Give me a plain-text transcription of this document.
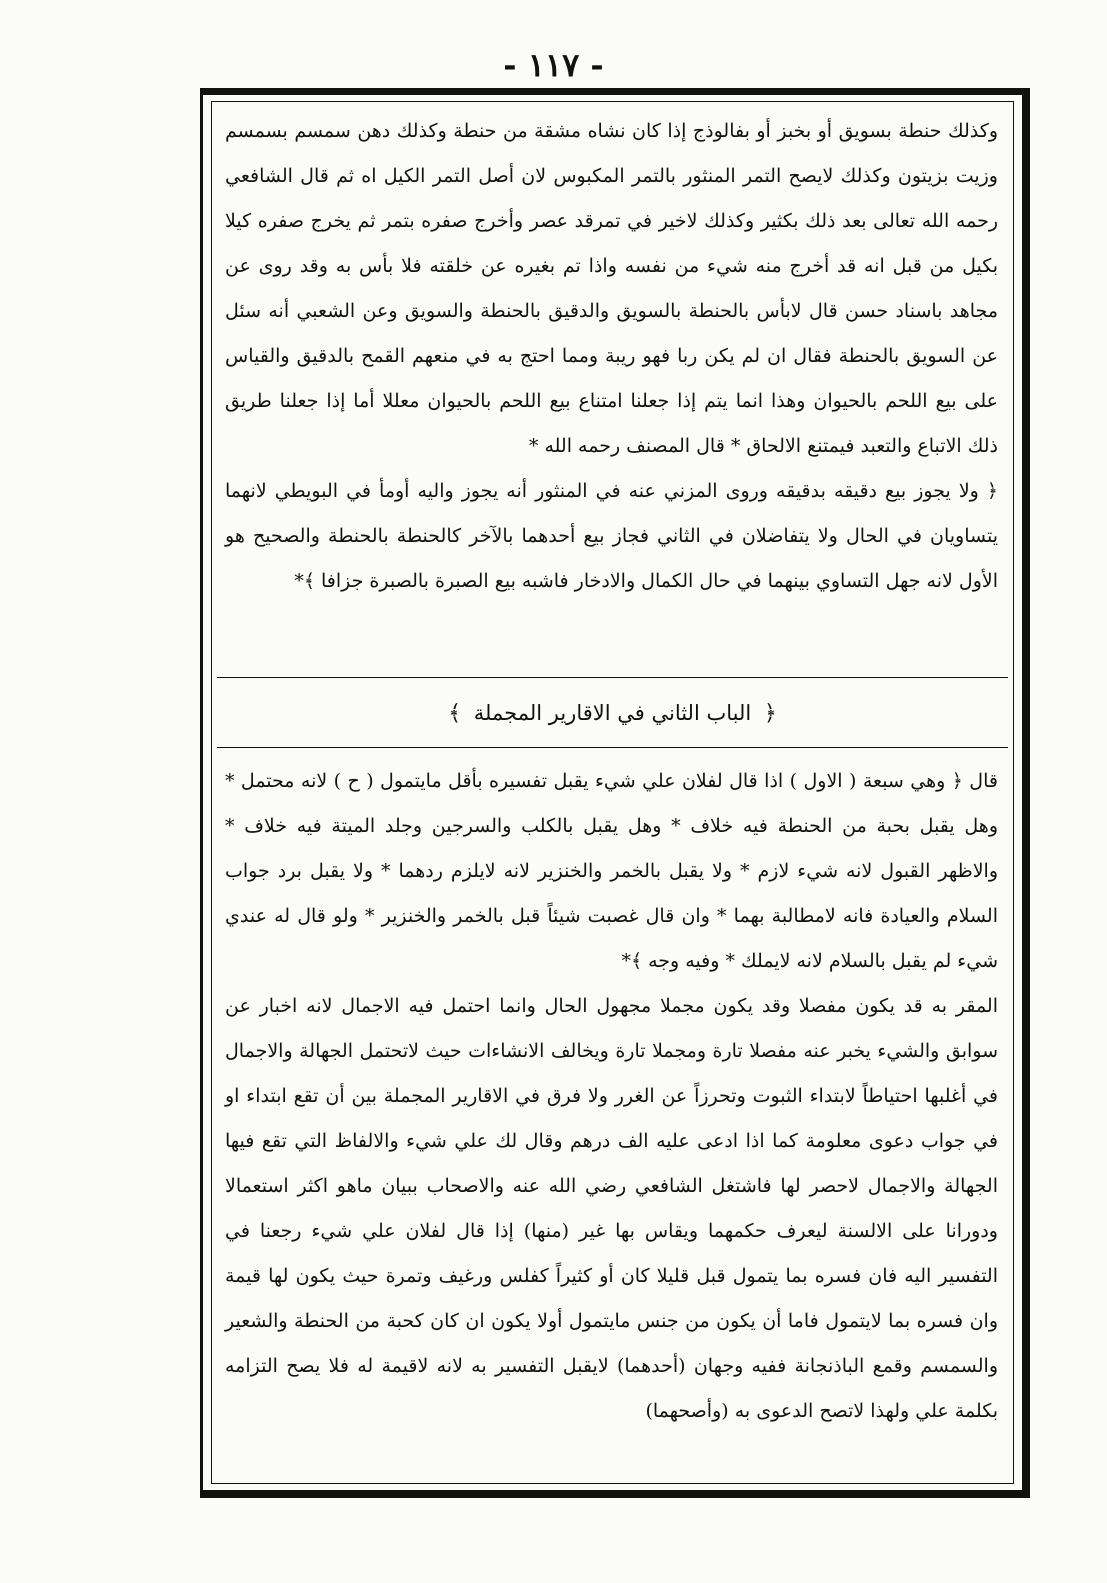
- ١١٧ -

وكذلك حنطة بسويق أو بخبز أو بفالوذج إذا كان نشاه مشقة من حنطة وكذلك دهن سمسم بسمسم وزيت بزيتون وكذلك لايصح التمر المنثور بالتمر المكبوس لان أصل التمر الكيل اه ثم قال الشافعي رحمه الله تعالى بعد ذلك بكثير وكذلك لاخير في تمرقد عصر وأخرج صفره بتمر ثم يخرج صفره كيلا بكيل من قبل انه قد أخرج منه شيء من نفسه واذا تم بغيره عن خلقته فلا بأس به وقد روى عن مجاهد باسناد حسن قال لابأس بالحنطة بالسويق والدقيق بالحنطة والسويق وعن الشعبي أنه سئل عن السويق بالحنطة فقال ان لم يكن ربا فهو ريبة ومما احتج به في منعهم القمح بالدقيق والقياس على بيع اللحم بالحيوان وهذا انما يتم إذا جعلنا امتناع بيع اللحم بالحيوان معللا أما إذا جعلنا طريق ذلك الاتباع والتعبد فيمتنع الالحاق * قال المصنف رحمه الله *

﴿ ولا يجوز بيع دقيقه بدقيقه وروى المزني عنه في المنثور أنه يجوز واليه أومأ في البويطي لانهما يتساويان في الحال ولا يتفاضلان في الثاني فجاز بيع أحدهما بالآخر كالحنطة بالحنطة والصحيح هو الأول لانه جهل التساوي بينهما في حال الكمال والادخار فاشبه بيع الصبرة بالصبرة جزافا ﴾*

﴿ الباب الثاني في الاقارير المجملة ﴾

قال ﴿ وهي سبعة ( الاول ) اذا قال لفلان علي شيء يقبل تفسيره بأقل مايتمول ( ح ) لانه محتمل * وهل يقبل بحبة من الحنطة فيه خلاف * وهل يقبل بالكلب والسرجين وجلد الميتة فيه خلاف * والاظهر القبول لانه شيء لازم * ولا يقبل بالخمر والخنزير لانه لايلزم ردهما * ولا يقبل برد جواب السلام والعيادة فانه لامطالبة بهما * وان قال غصبت شيئاً قبل بالخمر والخنزير * ولو قال له عندي شيء لم يقبل بالسلام لانه لايملك * وفيه وجه ﴾*

المقر به قد يكون مفصلا وقد يكون مجملا مجهول الحال وانما احتمل فيه الاجمال لانه اخبار عن سوابق والشيء يخبر عنه مفصلا تارة ومجملا تارة ويخالف الانشاءات حيث لاتحتمل الجهالة والاجمال في أغلبها احتياطاً لابتداء الثبوت وتحرزاً عن الغرر ولا فرق في الاقارير المجملة بين أن تقع ابتداء او في جواب دعوى معلومة كما اذا ادعى عليه الف درهم وقال لك علي شيء والالفاظ التي تقع فيها الجهالة والاجمال لاحصر لها فاشتغل الشافعي رضي الله عنه والاصحاب ببيان ماهو اكثر استعمالا ودورانا على الالسنة ليعرف حكمهما ويقاس بها غير (منها) إذا قال لفلان علي شيء رجعنا في التفسير اليه فان فسره بما يتمول قبل قليلا كان أو كثيراً كفلس ورغيف وتمرة حيث يكون لها قيمة وان فسره بما لايتمول فاما أن يكون من جنس مايتمول أولا يكون ان كان كحبة من الحنطة والشعير والسمسم وقمع الباذنجانة ففيه وجهان (أحدهما) لايقبل التفسير به لانه لاقيمة له فلا يصح التزامه بكلمة علي ولهذا لاتصح الدعوى به (وأصحهما)
